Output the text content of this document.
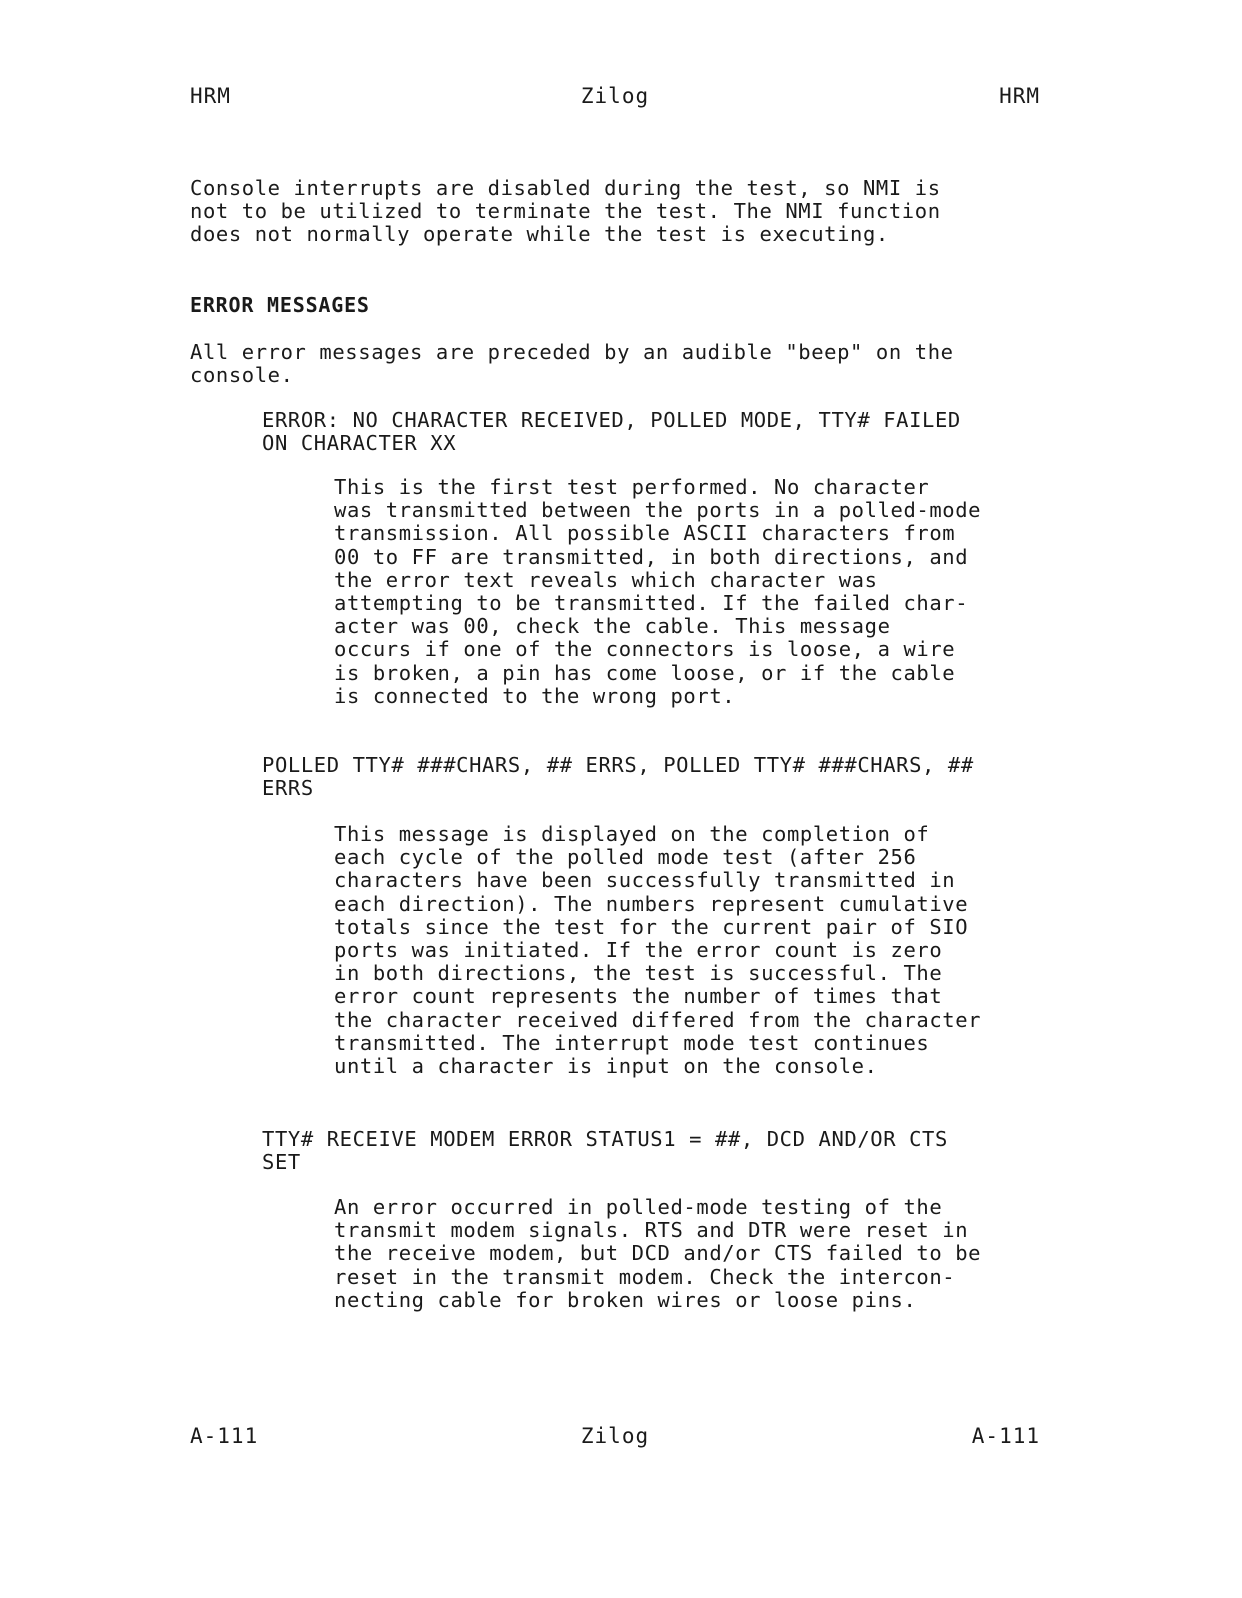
HRM	Zilog	HRM
Console interrupts are disabled during the test, so NMI is
not to be utilized to terminate the test. The NMI function
does not normally operate while the test is executing.
ERROR MESSAGES
All error messages are preceded by an audible "beep" on the
console.
ERROR: NO CHARACTER RECEIVED, POLLED MODE, TTY# FAILED
ON CHARACTER XX
This is the first test performed. No character
was transmitted between the ports in a polled-mode
transmission. All possible ASCII characters from
00 to FF are transmitted, in both directions, and
the error text reveals which character was
attempting to be transmitted. If the failed char-
acter was 00, check the cable. This message
occurs if one of the connectors is loose, a wire
is broken, a pin has come loose, or if the cable
is connected to the wrong port.
POLLED TTY# ###CHARS, ## ERRS, POLLED TTY# ###CHARS, ##
ERRS
This message is displayed on the completion of
each cycle of the polled mode test (after 256
characters have been successfully transmitted in
each direction). The numbers represent cumulative
totals since the test for the current pair of SIO
ports was initiated. If the error count is zero
in both directions, the test is successful. The
error count represents the number of times that
the character received differed from the character
transmitted. The interrupt mode test continues
until a character is input on the console.
TTY# RECEIVE MODEM ERROR STATUS1 = ##, DCD AND/OR CTS
SET
An error occurred in polled-mode testing of the
transmit modem signals. RTS and DTR were reset in
the receive modem, but DCD and/or CTS failed to be
reset in the transmit modem. Check the intercon-
necting cable for broken wires or loose pins.
A-111	Zilog	A-111
